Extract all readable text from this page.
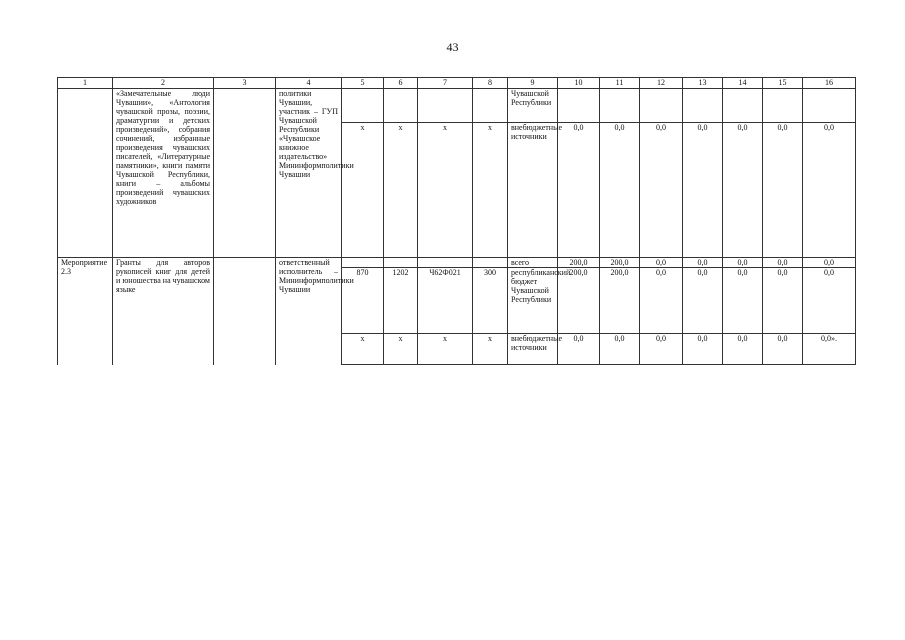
43
1	2	3	4	5	6	7	8	9	10	11	12	13	14	15	16
	«Замечательные люди Чувашии», «Антология чувашской прозы, поэзии, драматургии и детских произведений», собрания сочинений, избранные произведения чувашских писателей, «Литературные памятники», книги памяти Чувашской Республики, книги – альбомы произведений чувашских художников		политики Чувашии, участник – ГУП Чувашской Республики «Чувашское книжное издательство» Мининформполитики Чувашии					Чувашской Республики							
				x	x	x	x	внебюджетные источники	0,0	0,0	0,0	0,0	0,0	0,0	0,0
Мероприятие 2.3	Гранты для авторов рукописей книг для детей и юношества на чувашском языке		ответственный исполнитель – Мининформполитики Чувашии					всего	200,0	200,0	0,0	0,0	0,0	0,0	0,0
				870	1202	Ч62Ф021	300	республиканский бюджет Чувашской Республики	200,0	200,0	0,0	0,0	0,0	0,0	0,0
				x	x	x	x	внебюджетные источники	0,0	0,0	0,0	0,0	0,0	0,0	0,0».
